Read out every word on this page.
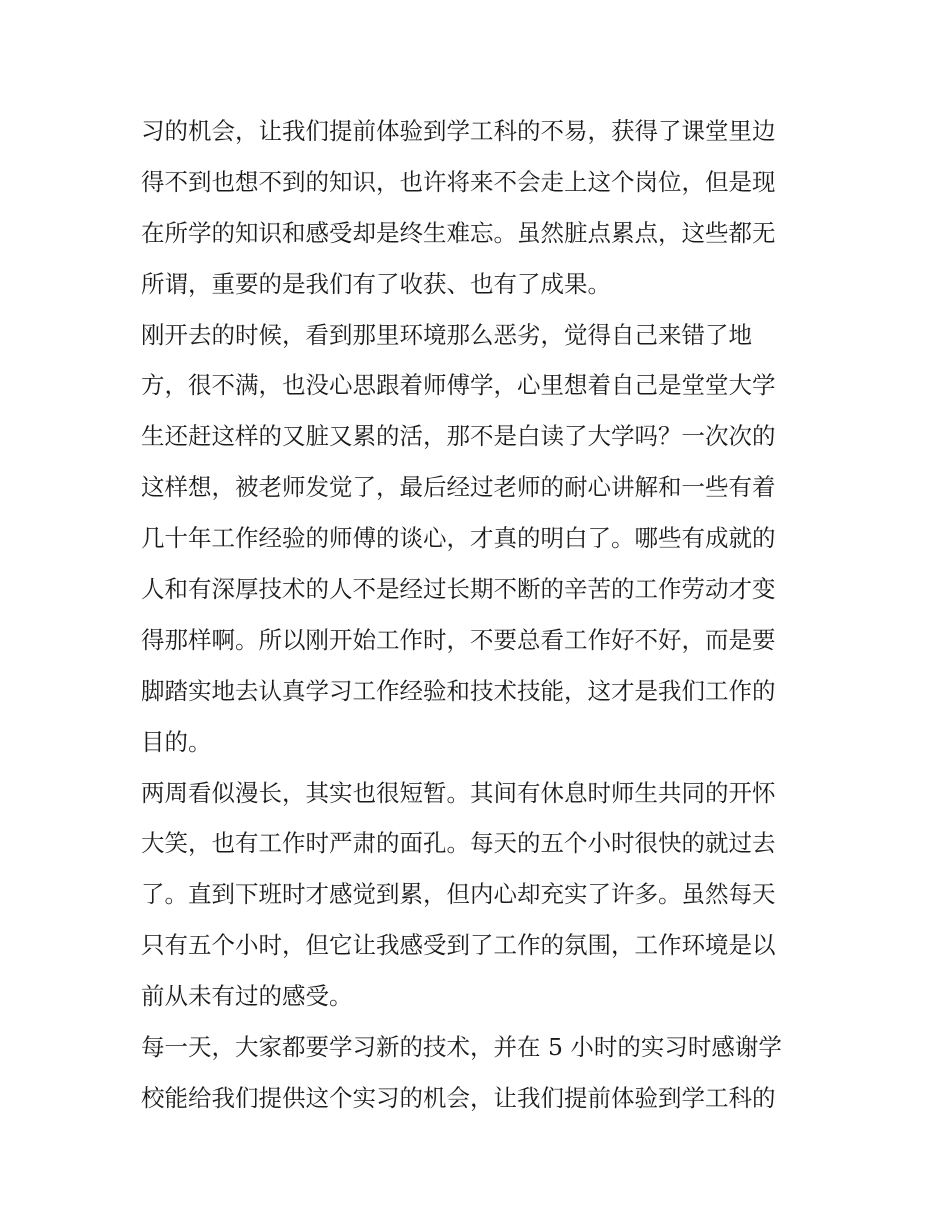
习的机会，让我们提前体验到学工科的不易，获得了课堂里边
得不到也想不到的知识，也许将来不会走上这个岗位，但是现
在所学的知识和感受却是终生难忘。虽然脏点累点，这些都无
所谓，重要的是我们有了收获、也有了成果。
刚开去的时候，看到那里环境那么恶劣，觉得自己来错了地
方，很不满，也没心思跟着师傅学，心里想着自己是堂堂大学
生还赶这样的又脏又累的活，那不是白读了大学吗？一次次的
这样想，被老师发觉了，最后经过老师的耐心讲解和一些有着
几十年工作经验的师傅的谈心，才真的明白了。哪些有成就的
人和有深厚技术的人不是经过长期不断的辛苦的工作劳动才变
得那样啊。所以刚开始工作时，不要总看工作好不好，而是要
脚踏实地去认真学习工作经验和技术技能，这才是我们工作的
目的。
两周看似漫长，其实也很短暂。其间有休息时师生共同的开怀
大笑，也有工作时严肃的面孔。每天的五个小时很快的就过去
了。直到下班时才感觉到累，但内心却充实了许多。虽然每天
只有五个小时，但它让我感受到了工作的氛围，工作环境是以
前从未有过的感受。
每一天，大家都要学习新的技术，并在 5 小时的实习时感谢学
校能给我们提供这个实习的机会，让我们提前体验到学工科的
